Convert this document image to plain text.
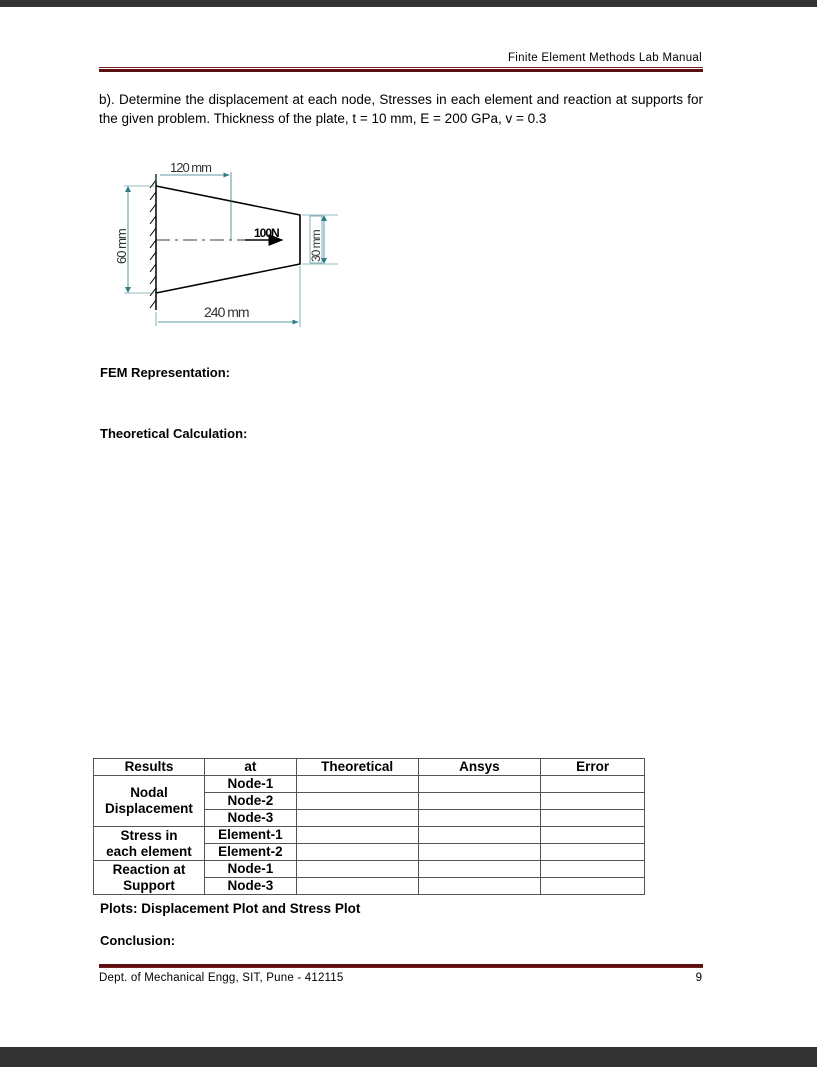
Finite Element Methods Lab Manual
b). Determine the displacement at each node, Stresses in each element and reaction at supports for the given problem. Thickness of the plate, t = 10 mm, E = 200 GPa, v = 0.3
100N
120 mm
60 mm	30 mm
240 mm
FEM Representation:
Theoretical Calculation:
Results	at	Theoretical	Ansys	Error
Nodal
Displacement	Node-1			
	Node-2			
	Node-3			
Stress in
each element	Element-1			
	Element-2			
Reaction at
Support	Node-1			
	Node-3			
Plots: Displacement Plot and Stress Plot
Conclusion:
Dept. of Mechanical Engg, SIT, Pune - 412115	9
